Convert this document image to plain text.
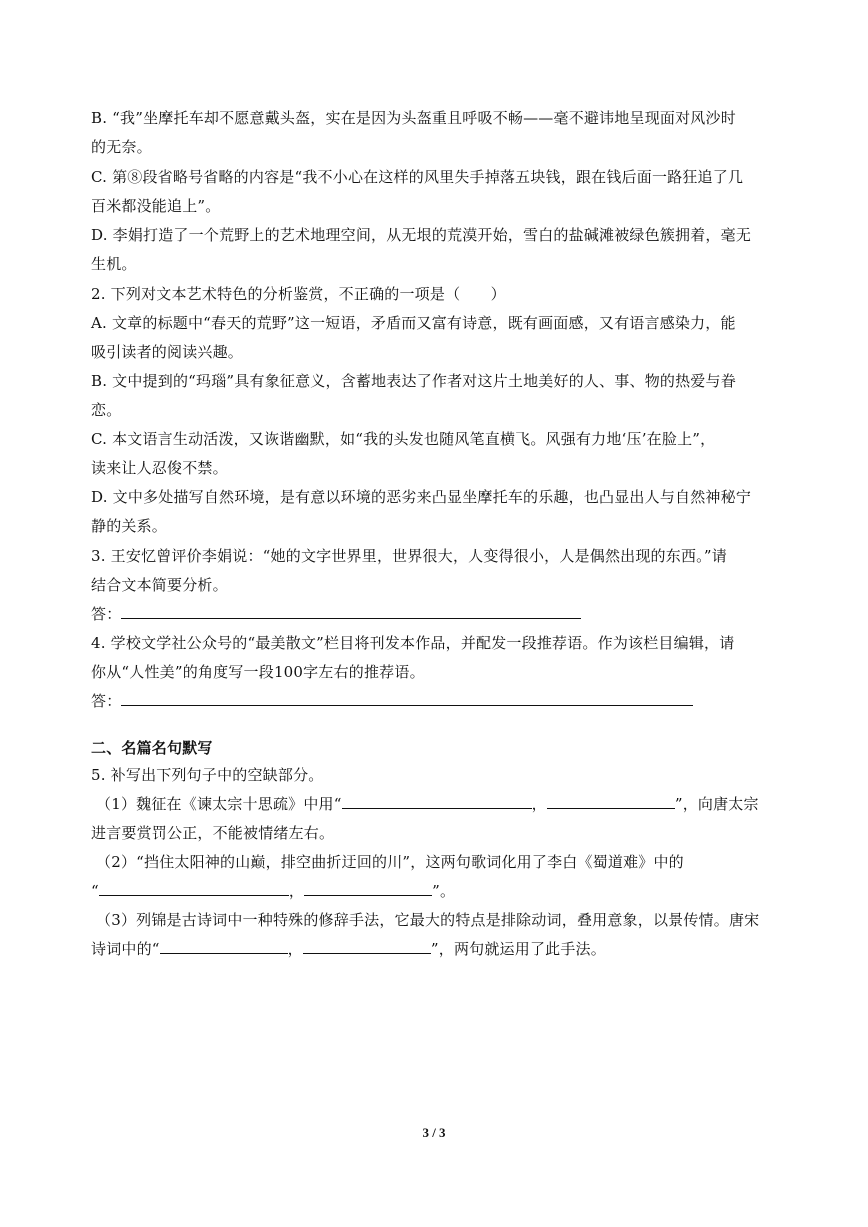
B. “我”坐摩托车却不愿意戴头盔，实在是因为头盔重且呼吸不畅——毫不避讳地呈现面对风沙时
的无奈。
C. 第⑧段省略号省略的内容是“我不小心在这样的风里失手掉落五块钱，跟在钱后面一路狂追了几
百米都没能追上”。
D. 李娟打造了一个荒野上的艺术地理空间，从无垠的荒漠开始，雪白的盐碱滩被绿色簇拥着，毫无
生机。
2. 下列对文本艺术特色的分析鉴赏，不正确的一项是（　　）
A. 文章的标题中“春天的荒野”这一短语，矛盾而又富有诗意，既有画面感，又有语言感染力，能
吸引读者的阅读兴趣。
B. 文中提到的“玛瑙”具有象征意义，含蓄地表达了作者对这片土地美好的人、事、物的热爱与眷
恋。
C. 本文语言生动活泼，又诙谐幽默，如“我的头发也随风笔直横飞。风强有力地‘压’在脸上”，
读来让人忍俊不禁。
D. 文中多处描写自然环境，是有意以环境的恶劣来凸显坐摩托车的乐趣，也凸显出人与自然神秘宁
静的关系。
3. 王安忆曾评价李娟说：“她的文字世界里，世界很大，人变得很小，人是偶然出现的东西。”请
结合文本简要分析。
答：
4. 学校文学社公众号的“最美散文”栏目将刊发本作品，并配发一段推荐语。作为该栏目编辑，请
你从“人性美”的角度写一段100字左右的推荐语。
答：
二、名篇名句默写
5. 补写出下列句子中的空缺部分。
（1）魏征在《谏太宗十思疏》中用“	，	”，向唐太宗
进言要赏罚公正，不能被情绪左右。
（2）“挡住太阳神的山巅，排空曲折迂回的川”，这两句歌词化用了李白《蜀道难》中的
“	，	”。
（3）列锦是古诗词中一种特殊的修辞手法，它最大的特点是排除动词，叠用意象，以景传情。唐宋
诗词中的“	，	”，两句就运用了此手法。
3 / 3
